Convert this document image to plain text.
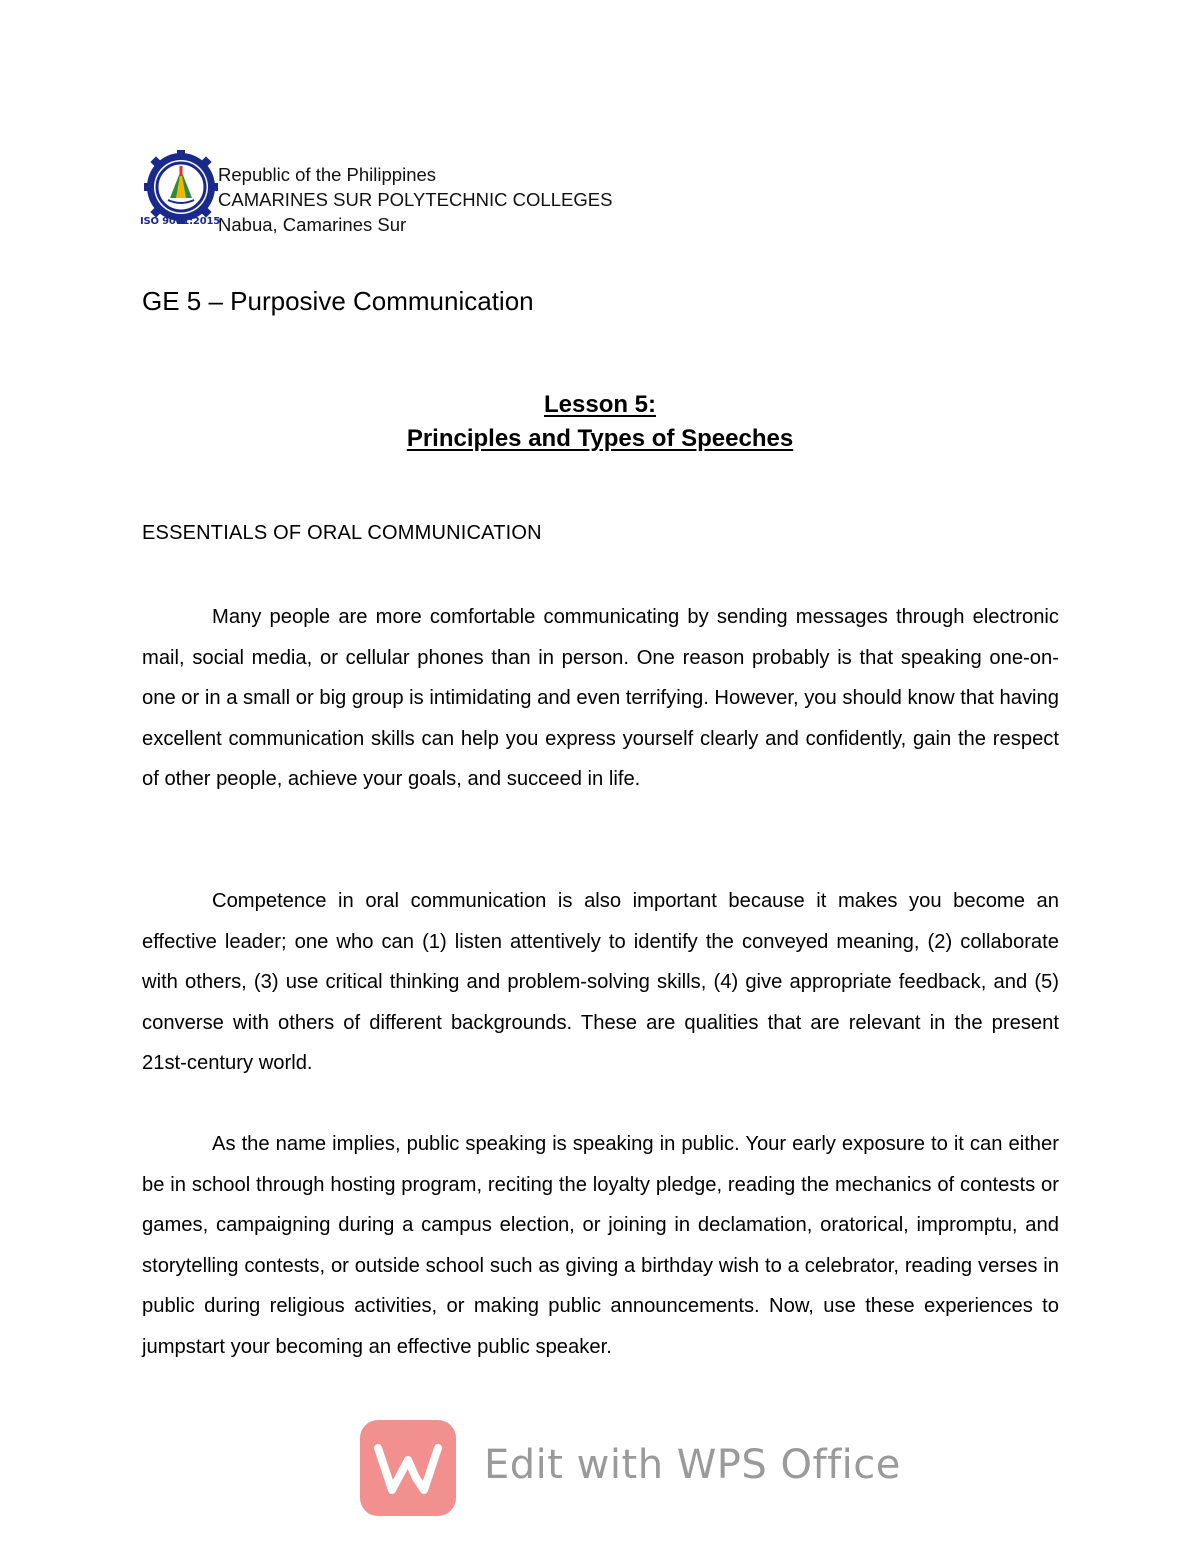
ISO 9001:2015
Republic of the Philippines
CAMARINES SUR POLYTECHNIC COLLEGES
Nabua, Camarines Sur
GE 5 – Purposive Communication
Lesson 5:
Principles and Types of Speeches
ESSENTIALS OF ORAL COMMUNICATION

Many people are more comfortable communicating by sending messages through electronic mail, social media, or cellular phones than in person. One reason probably is that speaking one-on-one or in a small or big group is intimidating and even terrifying. However, you should know that having excellent communication skills can help you express yourself clearly and confidently, gain the respect of other people, achieve your goals, and succeed in life.

Competence in oral communication is also important because it makes you become an effective leader; one who can (1) listen attentively to identify the conveyed meaning, (2) collaborate with others, (3) use critical thinking and problem-solving skills, (4) give appropriate feedback, and (5) converse with others of different backgrounds. These are qualities that are relevant in the present 21st-century world.

As the name implies, public speaking is speaking in public. Your early exposure to it can either be in school through hosting program, reciting the loyalty pledge, reading the mechanics of contests or games, campaigning during a campus election, or joining in declamation, oratorical, impromptu, and storytelling contests, or outside school such as giving a birthday wish to a celebrator, reading verses in public during religious activities, or making public announcements. Now, use these experiences to jumpstart your becoming an effective public speaker.

Edit with WPS Office
